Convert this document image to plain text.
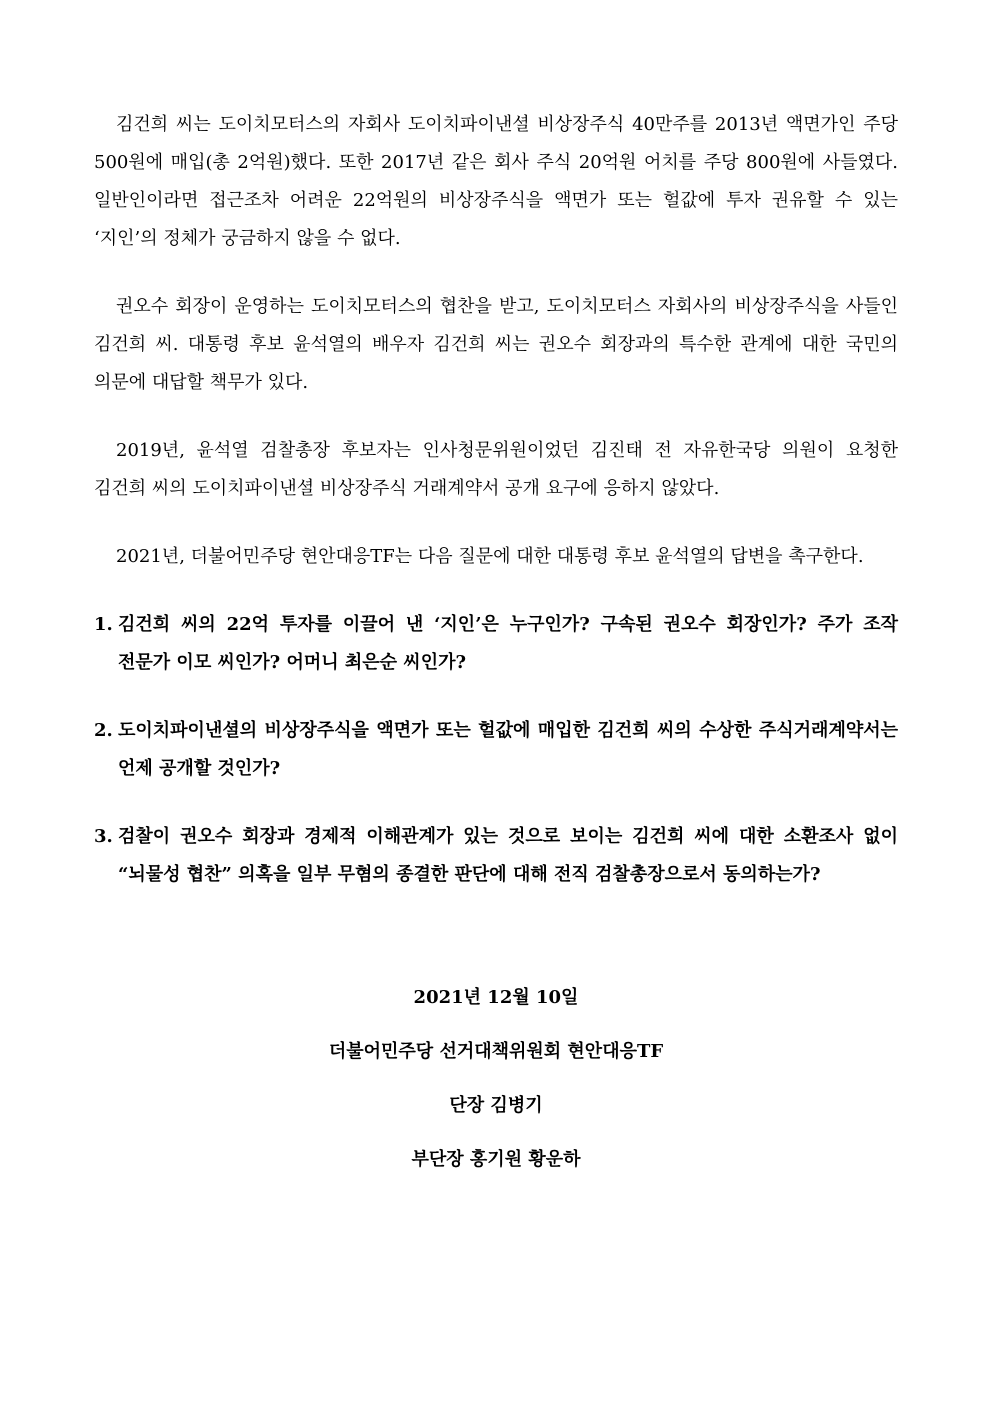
김건희 씨는 도이치모터스의 자회사 도이치파이낸셜 비상장주식 40만주를 2013년 액면가인 주당 500원에 매입(총 2억원)했다. 또한 2017년 같은 회사 주식 20억원 어치를 주당 800원에 사들였다. 일반인이라면 접근조차 어려운 22억원의 비상장주식을 액면가 또는 헐값에 투자 권유할 수 있는 ‘지인’의 정체가 궁금하지 않을 수 없다.

권오수 회장이 운영하는 도이치모터스의 협찬을 받고, 도이치모터스 자회사의 비상장주식을 사들인 김건희 씨. 대통령 후보 윤석열의 배우자 김건희 씨는 권오수 회장과의 특수한 관계에 대한 국민의 의문에 대답할 책무가 있다.

2019년, 윤석열 검찰총장 후보자는 인사청문위원이었던 김진태 전 자유한국당 의원이 요청한 김건희 씨의 도이치파이낸셜 비상장주식 거래계약서 공개 요구에 응하지 않았다.

2021년, 더불어민주당 현안대응TF는 다음 질문에 대한 대통령 후보 윤석열의 답변을 촉구한다.

1. 김건희 씨의 22억 투자를 이끌어 낸 ‘지인’은 누구인가? 구속된 권오수 회장인가? 주가 조작 전문가 이모 씨인가? 어머니 최은순 씨인가?
2. 도이치파이낸셜의 비상장주식을 액면가 또는 헐값에 매입한 김건희 씨의 수상한 주식거래계약서는 언제 공개할 것인가?
3. 검찰이 권오수 회장과 경제적 이해관계가 있는 것으로 보이는 김건희 씨에 대한 소환조사 없이 “뇌물성 협찬” 의혹을 일부 무혐의 종결한 판단에 대해 전직 검찰총장으로서 동의하는가?
2021년 12월 10일
더불어민주당 선거대책위원회 현안대응TF
단장 김병기
부단장 홍기원 황운하
